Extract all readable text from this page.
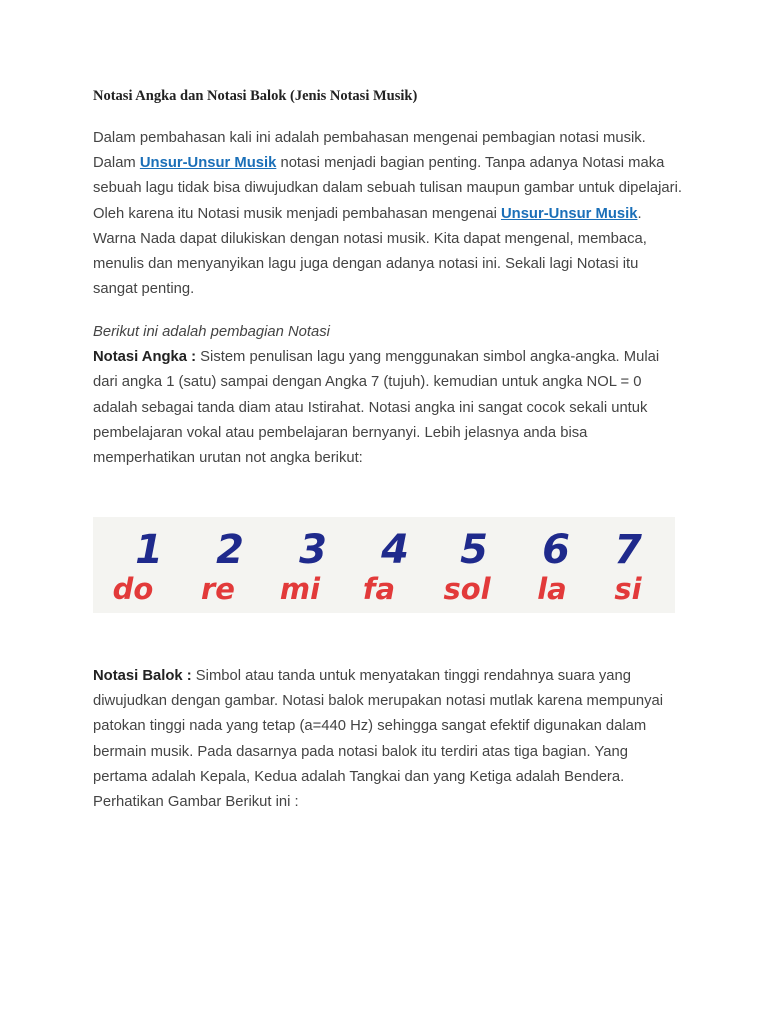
Notasi Angka dan Notasi Balok (Jenis Notasi Musik)

Dalam pembahasan kali ini adalah pembahasan mengenai pembagian notasi musik. Dalam Unsur-Unsur Musik notasi menjadi bagian penting. Tanpa adanya Notasi maka sebuah lagu tidak bisa diwujudkan dalam sebuah tulisan maupun gambar untuk dipelajari. Oleh karena itu Notasi musik menjadi pembahasan mengenai Unsur-Unsur Musik. Warna Nada dapat dilukiskan dengan notasi musik. Kita dapat mengenal, membaca, menulis dan menyanyikan lagu juga dengan adanya notasi ini. Sekali lagi Notasi itu sangat penting.

Berikut ini adalah pembagian Notasi
Notasi Angka : Sistem penulisan lagu yang menggunakan simbol angka-angka. Mulai dari angka 1 (satu) sampai dengan Angka 7 (tujuh). kemudian untuk angka NOL = 0 adalah sebagai tanda diam atau Istirahat. Notasi angka ini sangat cocok sekali untuk pembelajaran vokal atau pembelajaran bernyanyi. Lebih jelasnya anda bisa memperhatikan urutan not angka berikut:

1 2 3 4 5 6 7
do re mi fa sol la si

Notasi Balok : Simbol atau tanda untuk menyatakan tinggi rendahnya suara yang diwujudkan dengan gambar. Notasi balok merupakan notasi mutlak karena mempunyai patokan tinggi nada yang tetap (a=440 Hz) sehingga sangat efektif digunakan dalam bermain musik. Pada dasarnya pada notasi balok itu terdiri atas tiga bagian. Yang pertama adalah Kepala, Kedua adalah Tangkai dan yang Ketiga adalah Bendera. Perhatikan Gambar Berikut ini :
